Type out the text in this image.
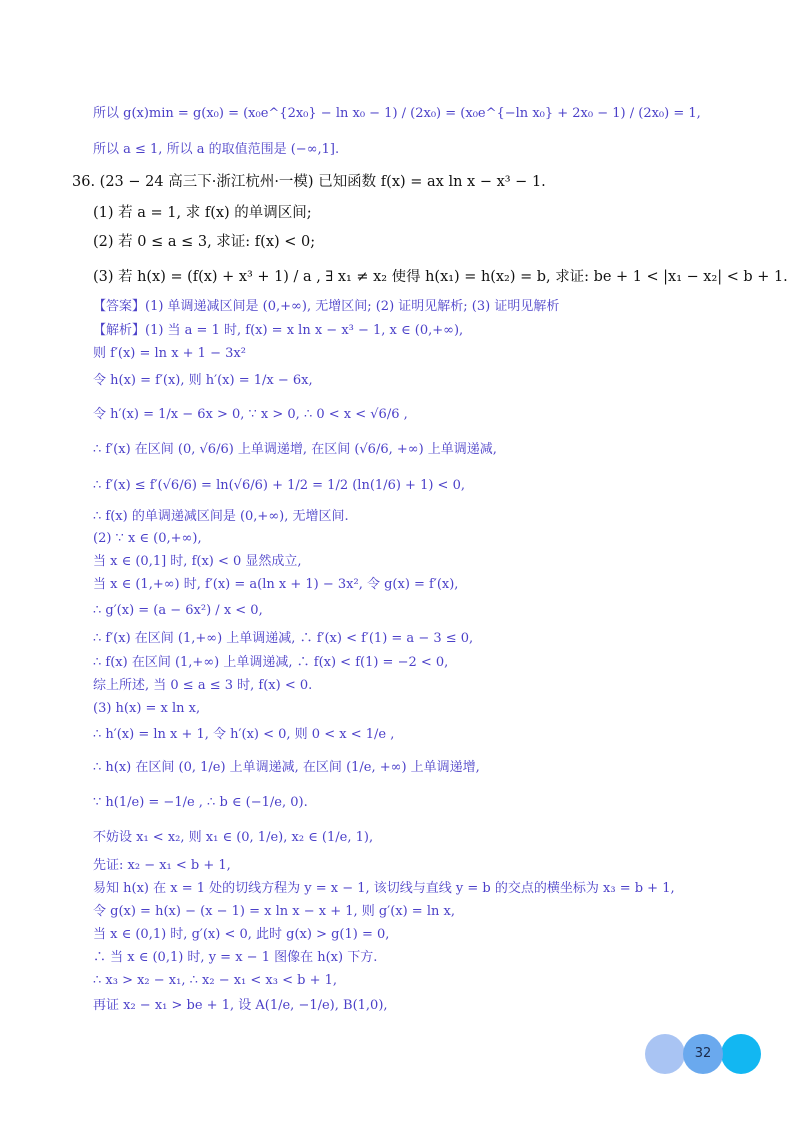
所以 g(x)min = g(x₀) = (x₀e^{2x₀} − ln x₀ − 1) / (2x₀) = (x₀e^{−ln x₀} + 2x₀ − 1) / (2x₀) = 1,
所以 a ≤ 1, 所以 a 的取值范围是 (−∞,1].
36. (23 − 24 高三下·浙江杭州·一模) 已知函数 f(x) = ax ln x − x³ − 1.
(1) 若 a = 1, 求 f(x) 的单调区间;
(2) 若 0 ≤ a ≤ 3, 求证: f(x) < 0;
(3) 若 h(x) = (f(x) + x³ + 1) / a , ∃ x₁ ≠ x₂ 使得 h(x₁) = h(x₂) = b, 求证: be + 1 < |x₁ − x₂| < b + 1.
【答案】(1) 单调递减区间是 (0,+∞), 无增区间; (2) 证明见解析; (3) 证明见解析
【解析】(1) 当 a = 1 时, f(x) = x ln x − x³ − 1, x ∈ (0,+∞),
则 f′(x) = ln x + 1 − 3x²
令 h(x) = f′(x), 则 h′(x) = 1/x − 6x,
令 h′(x) = 1/x − 6x > 0, ∵ x > 0, ∴ 0 < x < √6/6 ,
∴ f′(x) 在区间 (0, √6/6) 上单调递增, 在区间 (√6/6, +∞) 上单调递减,
∴ f′(x) ≤ f′(√6/6) = ln(√6/6) + 1/2 = 1/2 (ln(1/6) + 1) < 0,
∴ f(x) 的单调递减区间是 (0,+∞), 无增区间.
(2) ∵ x ∈ (0,+∞),
当 x ∈ (0,1] 时, f(x) < 0 显然成立,
当 x ∈ (1,+∞) 时, f′(x) = a(ln x + 1) − 3x², 令 g(x) = f′(x),
∴ g′(x) = (a − 6x²) / x < 0,
∴ f′(x) 在区间 (1,+∞) 上单调递减, ∴ f′(x) < f′(1) = a − 3 ≤ 0,
∴ f(x) 在区间 (1,+∞) 上单调递减, ∴ f(x) < f(1) = −2 < 0,
综上所述, 当 0 ≤ a ≤ 3 时, f(x) < 0.
(3) h(x) = x ln x,
∴ h′(x) = ln x + 1, 令 h′(x) < 0, 则 0 < x < 1/e ,
∴ h(x) 在区间 (0, 1/e) 上单调递减, 在区间 (1/e, +∞) 上单调递增,
∵ h(1/e) = −1/e , ∴ b ∈ (−1/e, 0).
不妨设 x₁ < x₂, 则 x₁ ∈ (0, 1/e), x₂ ∈ (1/e, 1),
先证: x₂ − x₁ < b + 1,
易知 h(x) 在 x = 1 处的切线方程为 y = x − 1, 该切线与直线 y = b 的交点的横坐标为 x₃ = b + 1,
令 g(x) = h(x) − (x − 1) = x ln x − x + 1, 则 g′(x) = ln x,
当 x ∈ (0,1) 时, g′(x) < 0, 此时 g(x) > g(1) = 0,
∴ 当 x ∈ (0,1) 时, y = x − 1 图像在 h(x) 下方.
∴ x₃ > x₂ − x₁, ∴ x₂ − x₁ < x₃ < b + 1,
再证 x₂ − x₁ > be + 1, 设 A(1/e, −1/e), B(1,0),
32
